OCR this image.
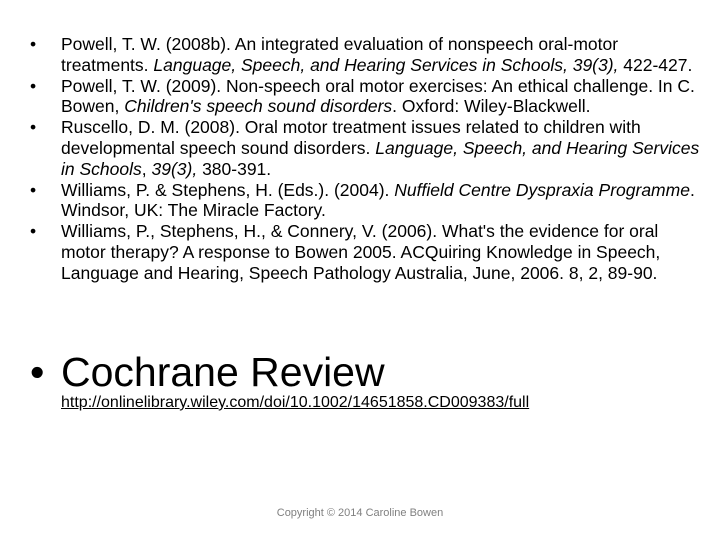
•	Powell, T. W. (2008b). An integrated evaluation of nonspeech oral-motor treatments. Language, Speech, and Hearing Services in Schools, 39(3), 422-427.
•	Powell, T. W. (2009). Non-speech oral motor exercises: An ethical challenge. In C. Bowen, Children's speech sound disorders. Oxford: Wiley-Blackwell.
•	Ruscello, D. M. (2008). Oral motor treatment issues related to children with developmental speech sound disorders. Language, Speech, and Hearing Services in Schools, 39(3), 380-391.
•	Williams, P. & Stephens, H. (Eds.). (2004). Nuffield Centre Dyspraxia Programme. Windsor, UK: The Miracle Factory.
•	Williams, P., Stephens, H., & Connery, V. (2006). What's the evidence for oral motor therapy? A response to Bowen 2005. ACQuiring Knowledge in Speech, Language and Hearing, Speech Pathology Australia, June, 2006. 8, 2, 89-90.
• Cochrane Review
http://onlinelibrary.wiley.com/doi/10.1002/14651858.CD009383/full
Copyright © 2014 Caroline Bowen
